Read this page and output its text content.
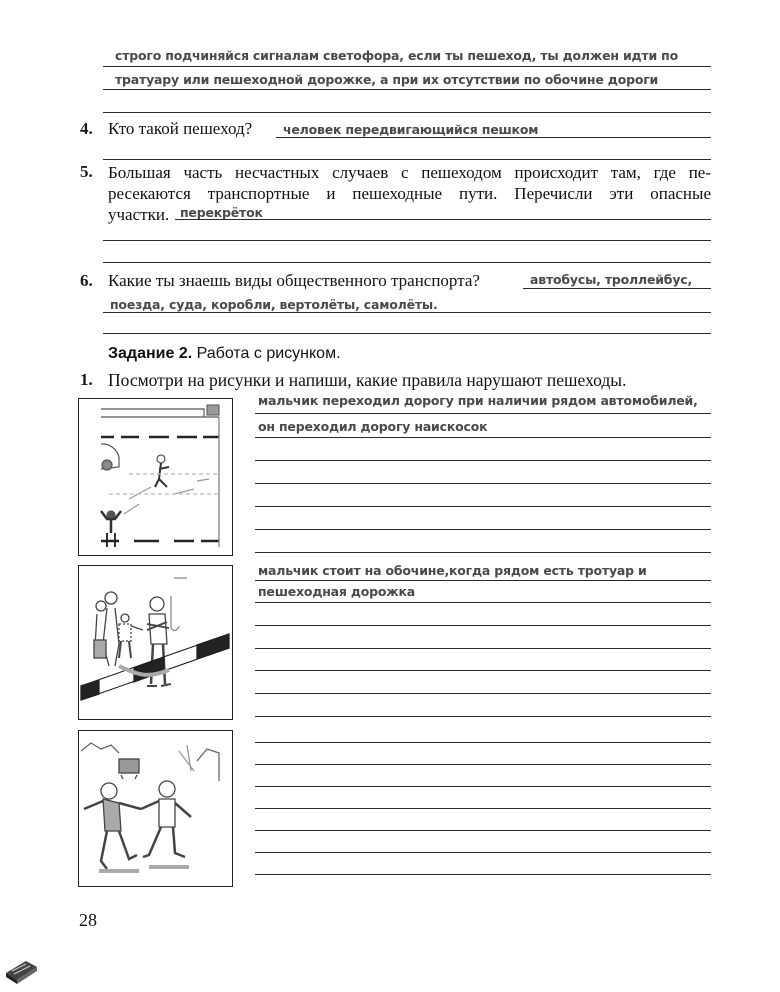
строго подчиняйся сигналам светофора, если ты пешеход, ты должен идти по
тратуару или пешеходной дорожке, а при их отсутствии по обочине дороги
4. Кто такой пешеход? человек передвигающийся пешком
5. Большая часть несчастных случаев с пешеходом происходит там, где пе-
ресекаются транспортные и пешеходные пути. Перечисли эти опасные
участки. перекрёток
6. Какие ты знаешь виды общественного транспорта?	автобусы, троллейбус,
поезда, суда, коробли, вертолёты, самолёты.
Задание 2. Работа с рисунком.
1. Посмотри на рисунки и напиши, какие правила нарушают пешеходы.
мальчик переходил дорогу при наличии рядом автомобилей,
он переходил дорогу наискосок
мальчик стоит на обочине,когда рядом есть тротуар и
пешеходная дорожка
28
